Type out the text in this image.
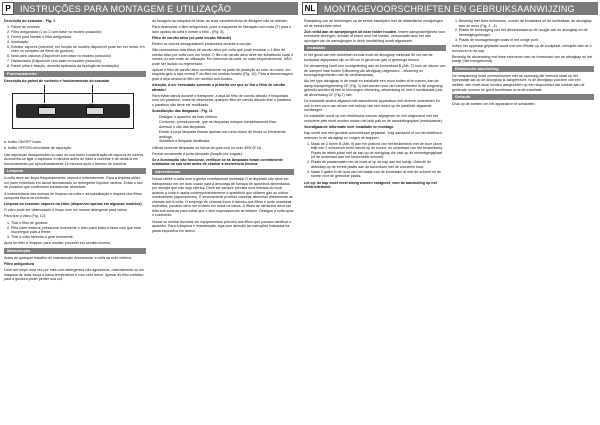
P	INSTRUÇÕES PARA MONTAGEM E UTILIZAÇÃO	NL MONTAGEVOORSCHRIFTEN EN GEBRUIKSAANWIJZING

Descrição do exaustor - Fig. 1

1. Painel de controlo
2. Filtro antigordura (1 ou 2 com base no modelo possuído)
3. Fecho para libertar o filtro antigordura
4. Iluminação
5. Extrator vapores (extraível, em função do modelo disponível pode ser em metal, em vidro ou completo de filtros de gordura)
6. Nota para cálculos (Disponível com base no modelo possuído)
7. Distanciador (Disponível com base no modelo possuído)
8. Painel pilha e fixação, deverão aplicados da tipologia de instalação)
Funcionamento

Descrição do painel de controlo e funcionamento do exaustor

a	b

a. botão ON/OFF luzes

b. botão OFF/ON velocidade de aspiração

Use aspiração desaparecida no caso do sua maior concentração de vapores de odores. Aconselha-se ligar o aspirador 5 minutos antes do inicio a cozinhar e de deixá-lo em funcionamento por aproximadamente 15 minutos após o término de cozinhar.

Limpeza

A coifa deve ser limpa frequentemente, interna e externamente. Para a limpeza utilize um pano embebido em álcool desnaturado ou detergente líquidos neutros. Evitar o uso de produtos que contenham substâncias abrasivas.

A inobservância das normas de limpeza da coifa e da substituição e limpeza dos filtros comporta riscos de incêndio.

Limpeza do exaustor vapores na vidro (disponível apenas em algumas modelos):

O vidro pode ser desmontado e limpo com um normal detergente para vidros.

Para tirar o vidro (Fig. 12):

1. Tirar o filtro de gordura
2. Pela parte externa, pressionar levemente o vidro para baixo e fazer com que este escorregue para a frente.
3. Tirar o vidro fazendo-o girar levemente.

Após ter feito a limpeza, para montar, proceder em sentido inverso.

Manutenção

Antes de qualquer trabalho de manutenção desconectar a coifa da rede elétrica.

Filtro antigordura

Deve ser limpo uma vez por mês com detergentes não agressivos, manualmente ou em máquina de lavar louça a baixa temperatura e com ciclo breve. Apesar do filtro metálico para a gordura poder perder sua cor,

ao lavagem na máquina de lavar, as suas características de filtragem não se alteram.

Para desmontar o filtro antigordura, puxe a maçaneta de liberação com mola (F) para o lado oposto da coifa e extrair o filtro - (Fig. 8).

Filtro de carvão ativo (só para versão filtrante)

Retém os odores desagradáveis produzidos durante a cocção.

São necessários dois filtros de carvão ativo por coifa que pode encaixar o 1 filtro de carvão ativo por coifa com um motor. O filtro de carvão ativo deve ser substituído cada 4 meses ou com mais de utilização. Em intensiva da coifa, ou mais frequentemente. NÃO pode ser lavado ou regenerado.

Aplicar o filtro de carvão ativo centralmente na parte de proteção do rotor do motor, em seguida girar a alça central P do filtro em sentido horário (Fig. 10). Para a desmontagem girar a alça central do filtro em sentido anti-horário.

Atenção, a ser executado somente a primeira vez que se fira o filtro de carvão ativado!

Para evitar danos durante o transporte, a alça do filtro de carvão ativado é bloqueada com um parafuso, antes de desmontar qualquer filtro de carvão ativado tirar o parafuso, o parafuso não deve ser reutilizado.

Substituição das lâmpadas - Fig. 11

• Desligue o aparelho da rede elétrica.
• Conforme, primeiramente, que as lâmpadas estejam completamente frias.
• Acessar o vão das lâmpadas.
• Extrair a peça lâmpada tirando apenas com uma chave de fenda ou ferramenta análoga.
• Substituir a lâmpada danificada.

Utilizar somente lâmpadas ao forma de gota com no máx 40W (E14).

Fechar novamente a porta lâmpada (fixação por engate).

Se a iluminação não funcionar, verifique se as lâmpadas foram corretamente instaladas na sua sede antes de chamar a assistência técnica.

Advertências

Nunca utilize a coifa sem a grelha corretamente montada! O ar aspirado não deve ser transportado em um duto usado para a descarga de fumaça de aparelhos alimentados por energia que não seja elétrica. Deve ser sempre prevista uma entrada do local quando a coifa é usada contemporaneamente a aparelhos que utilizem gás ou outros combustíveis (aquecedores). É severamente proibido cozinhar alimentos diretamente às chamas sob a coifa. O emprego de chamas livres é danoso aos filtros e pode ocasionar incêndios, portanto deve ser evitado em todos os casos. A fritura de alimentos deve ser feita sob controle para evitar que o óleo superaquecido se inflame. Desligue a coifa após o cozimento.

Nunca se mediar técnicas em equipamentos próximo aos filtros que possam danificar o aparelho. Para a limpeza e manutenção, siga com atenção as instruções indicadas na pasta específica em anexo.

Raadpleeg ook de tekeningen op de eerste bladzijden met de alfabetische verwijzingen uit de beschreven tekst.

Zich strikt aan de aanwijzingen uit deze folder houden. Iedere aansprakelijkheid voor eventuele storingen, schade of brand door het toestel, veroorzaakt door het niet opvolgen van de aanwijzingen in deze handleiding wordt afgewezen.

Installatie

In het geval van een elektrisch fornuis moet de afzuigkap minimaal 50 cm van de kookplaat afgeplaatst zijn en 65 cm in geval van gas of gemengd fornuis.

De verwarming heeft een luchtgeleiding aan de binnenkant B (Afb. 2) voor de uitvoer van de dampen naar buiten (Uitvoering als afzuigkap) afgevoerd – afvoering en bovengelegenheden met de ventilatorplaat).

Als het type afzuigkap in de maak en installatie een muur buiten af te voeren, kan de damp-transportgeleiding CF (Fig. 3) niet worden voor de hoeveelheden in de omgeving gebruikt worden bij een te toevoegen uitvoering, afvoerslang en met 4 luchtkanaal (ook de afvoerslang CF (Fig.7) niet.

De installatie anders afgaand met aanvullende apparatuur met diverse onderdelen en ook in een vorm van afvoer met behulp van een motor op de parallelle afgaande luchtwegen.

De installatie wordt op een elektrische toevoer afgegeven en niet uitgevoerd met het voorziene plek moet worden tussen het blok pak en de aansluitingsplaat (merkwaarde).

Voorafgaande informatie over installatie en montage.

Kap wordt met een gezakte schroefdraad geplaatst. Volg aandacht of uw het elektrisch netsnoer in de afzuigkap en volgen de stappen:

1. Maak de 2 boren B (Afb. 9) aan het plafond van het keukenblok met de boor (deze blijft met 2 schroeven eerst inzicht op de boven- en onderkant van het keukenblok). Plaats de afdek-plaat met de kap op de afzuigkap die vast op de bevestigingsplaat (of de onderkant aan het keukenblok schroef).
2. Plaats de plaatsmaten met de hoek af op de kap aan het kastje. Gebruik de afdekkap op de eerste plaats aan de bovenkant met de voorziene bout.
3. Maak 2 gaten in de rand van het kastje van de bovenkant af met de schroef en de ruimte voor de gebruikte plaats.

Let op: de kap moet eerst stevig worden vastgezet, voor de aansluiting op het elektriciteitsnet.

1. Bevestig met twee schroeven, zonder de kookstand uit de luchtuitlaat, de afzuigkap aan de muur (Fig. 3 - 4).
2. Plaats de bevestiging van het afvoerkanaal op de hoogte van de afzuigkap en de bevestigingsbeugel.
3. Plaats de montagebeugel zoals in het vorige punt.

Indien het apparaat geplaatst wordt met een filtratie op de kookplaat, verwijder dan de 4 schroeven in de kap.

Bevestig de afvoerslang met twee schroeven aan de bovenkant van de afzuigkap en het kastje (niet meegeleverd).

Elektrische aansluiting

De netspanning moet overeenkomen met de spanning die vermeld staat op het typeplaatje dat op de afzuigkap is aangebracht. Is de afzuigkap voorzien van een stekker, dan moet deze worden aangesloten op een stopcontact dat voldoet aan de geldende normen en goed bereikbaar is na de installatie.

Gebruik

Druk op de toetsen om het apparaat in te schakelen.
